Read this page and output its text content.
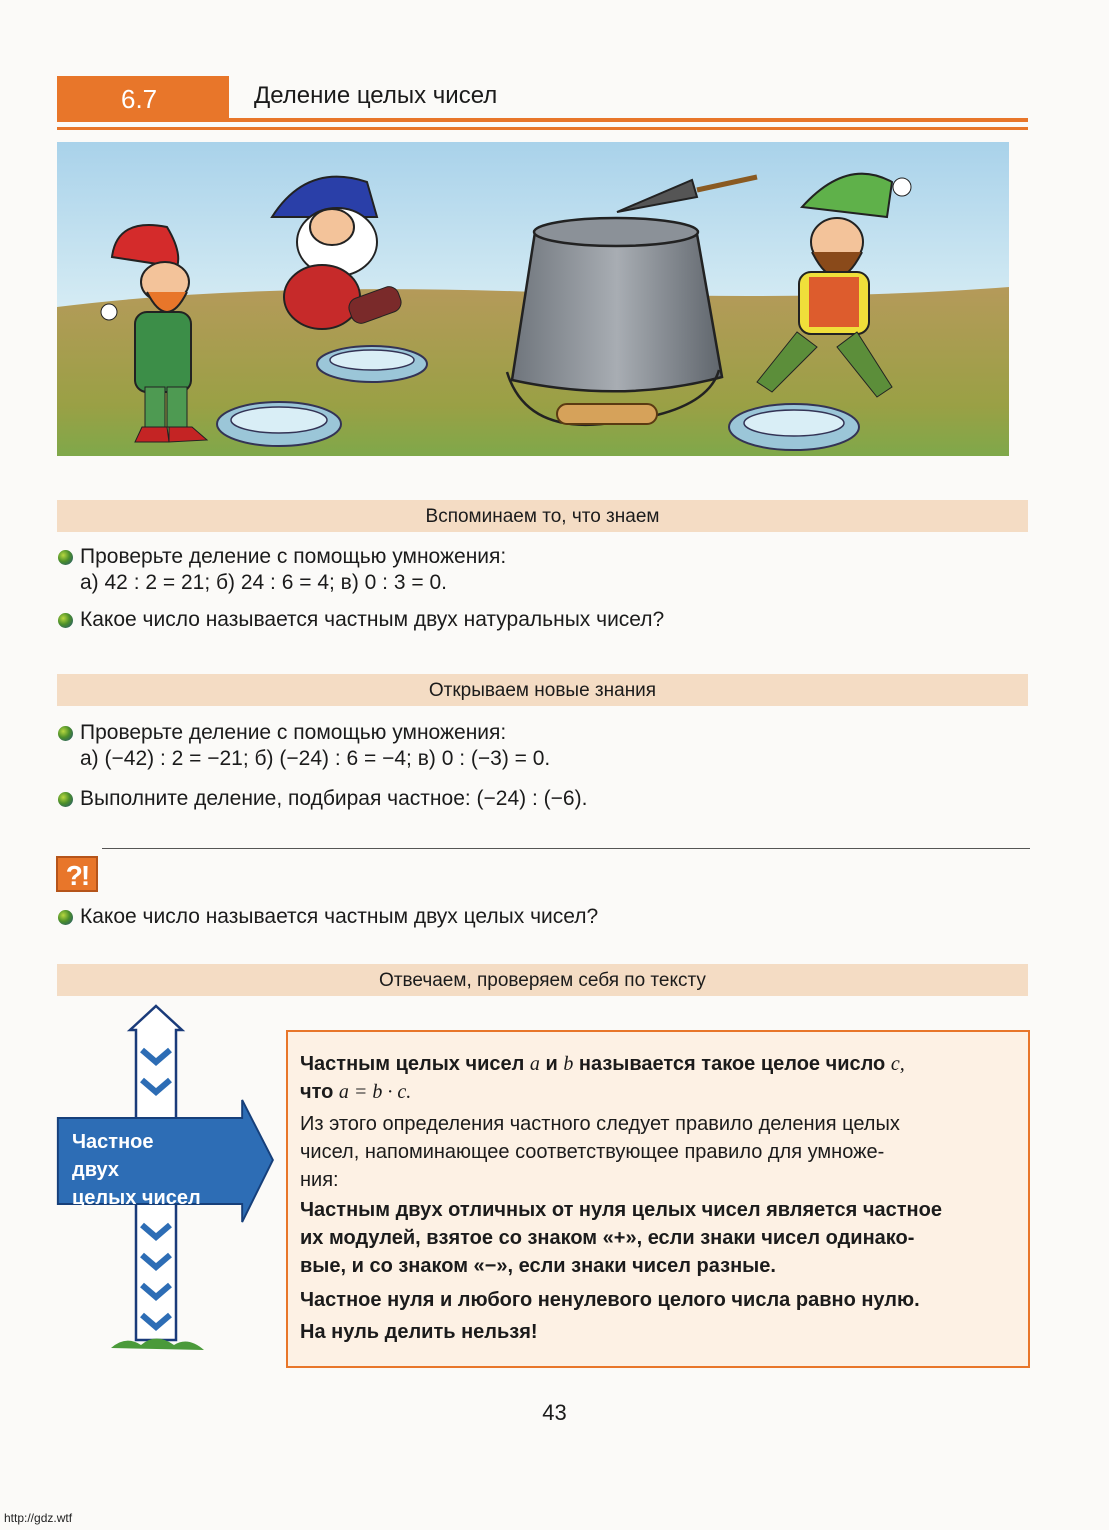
6.7	Деление целых чисел
Вспоминаем то, что знаем
Проверьте деление с помощью умножения:
а) 42 : 2 = 21; б) 24 : 6 = 4; в) 0 : 3 = 0.
Какое число называется частным двух натуральных чисел?
Открываем новые знания
Проверьте деление с помощью умножения:
а) (−42) : 2 = −21; б) (−24) : 6 = −4; в) 0 : (−3) = 0.
Выполните деление, подбирая частное: (−24) : (−6).
?!
Какое число называется частным двух целых чисел?
Отвечаем, проверяем себя по тексту
Частное двух
целых чисел
Частным целых чисел a и b называется такое целое число c,
что a = b · c.
Из этого определения частного следует правило деления целых
чисел, напоминающее соответствующее правило для умноже-
ния:
Частным двух отличных от нуля целых чисел является частное
их модулей, взятое со знаком «+», если знаки чисел одинако-
вые, и со знаком «−», если знаки чисел разные.
Частное нуля и любого ненулевого целого числа равно нулю.
На нуль делить нельзя!
43
http://gdz.wtf
